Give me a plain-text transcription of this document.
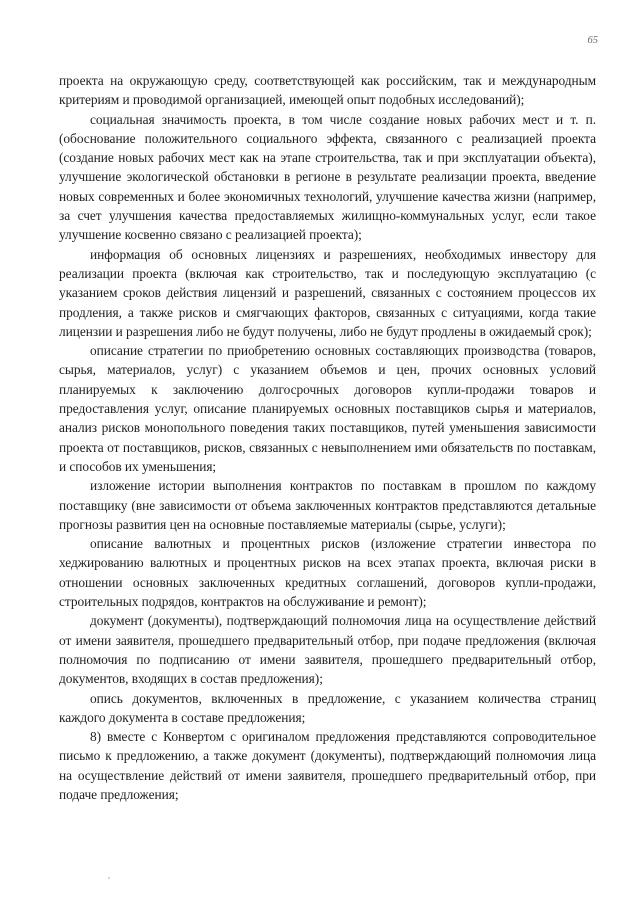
65

проекта на окружающую среду, соответствующей как российским, так и международным критериям и проводимой организацией, имеющей опыт подобных исследований);

социальная значимость проекта, в том числе создание новых рабочих мест и т. п. (обоснование положительного социального эффекта, связанного с реализацией проекта (создание новых рабочих мест как на этапе строительства, так и при эксплуатации объекта), улучшение экологической обстановки в регионе в результате реализации проекта, введение новых современных и более экономичных технологий, улучшение качества жизни (например, за счет улучшения качества предоставляемых жилищно-коммунальных услуг, если такое улучшение косвенно связано с реализацией проекта);

информация об основных лицензиях и разрешениях, необходимых инвестору для реализации проекта (включая как строительство, так и последующую эксплуатацию (с указанием сроков действия лицензий и разрешений, связанных с состоянием процессов их продления, а также рисков и смягчающих факторов, связанных с ситуациями, когда такие лицензии и разрешения либо не будут получены, либо не будут продлены в ожидаемый срок);

описание стратегии по приобретению основных составляющих производства (товаров, сырья, материалов, услуг) с указанием объемов и цен, прочих основных условий планируемых к заключению долгосрочных договоров купли-продажи товаров и предоставления услуг, описание планируемых основных поставщиков сырья и материалов, анализ рисков монопольного поведения таких поставщиков, путей уменьшения зависимости проекта от поставщиков, рисков, связанных с невыполнением ими обязательств по поставкам, и способов их уменьшения;

изложение истории выполнения контрактов по поставкам в прошлом по каждому поставщику (вне зависимости от объема заключенных контрактов представляются детальные прогнозы развития цен на основные поставляемые материалы (сырье, услуги);

описание валютных и процентных рисков (изложение стратегии инвестора по хеджированию валютных и процентных рисков на всех этапах проекта, включая риски в отношении основных заключенных кредитных соглашений, договоров купли-продажи, строительных подрядов, контрактов на обслуживание и ремонт);

документ (документы), подтверждающий полномочия лица на осуществление действий от имени заявителя, прошедшего предварительный отбор, при подаче предложения (включая полномочия по подписанию от имени заявителя, прошедшего предварительный отбор, документов, входящих в состав предложения);

опись документов, включенных в предложение, с указанием количества страниц каждого документа в составе предложения;

8) вместе с Конвертом с оригиналом предложения представляются сопроводительное письмо к предложению, а также документ (документы), подтверждающий полномочия лица на осуществление действий от имени заявителя, прошедшего предварительный отбор, при подаче предложения;
